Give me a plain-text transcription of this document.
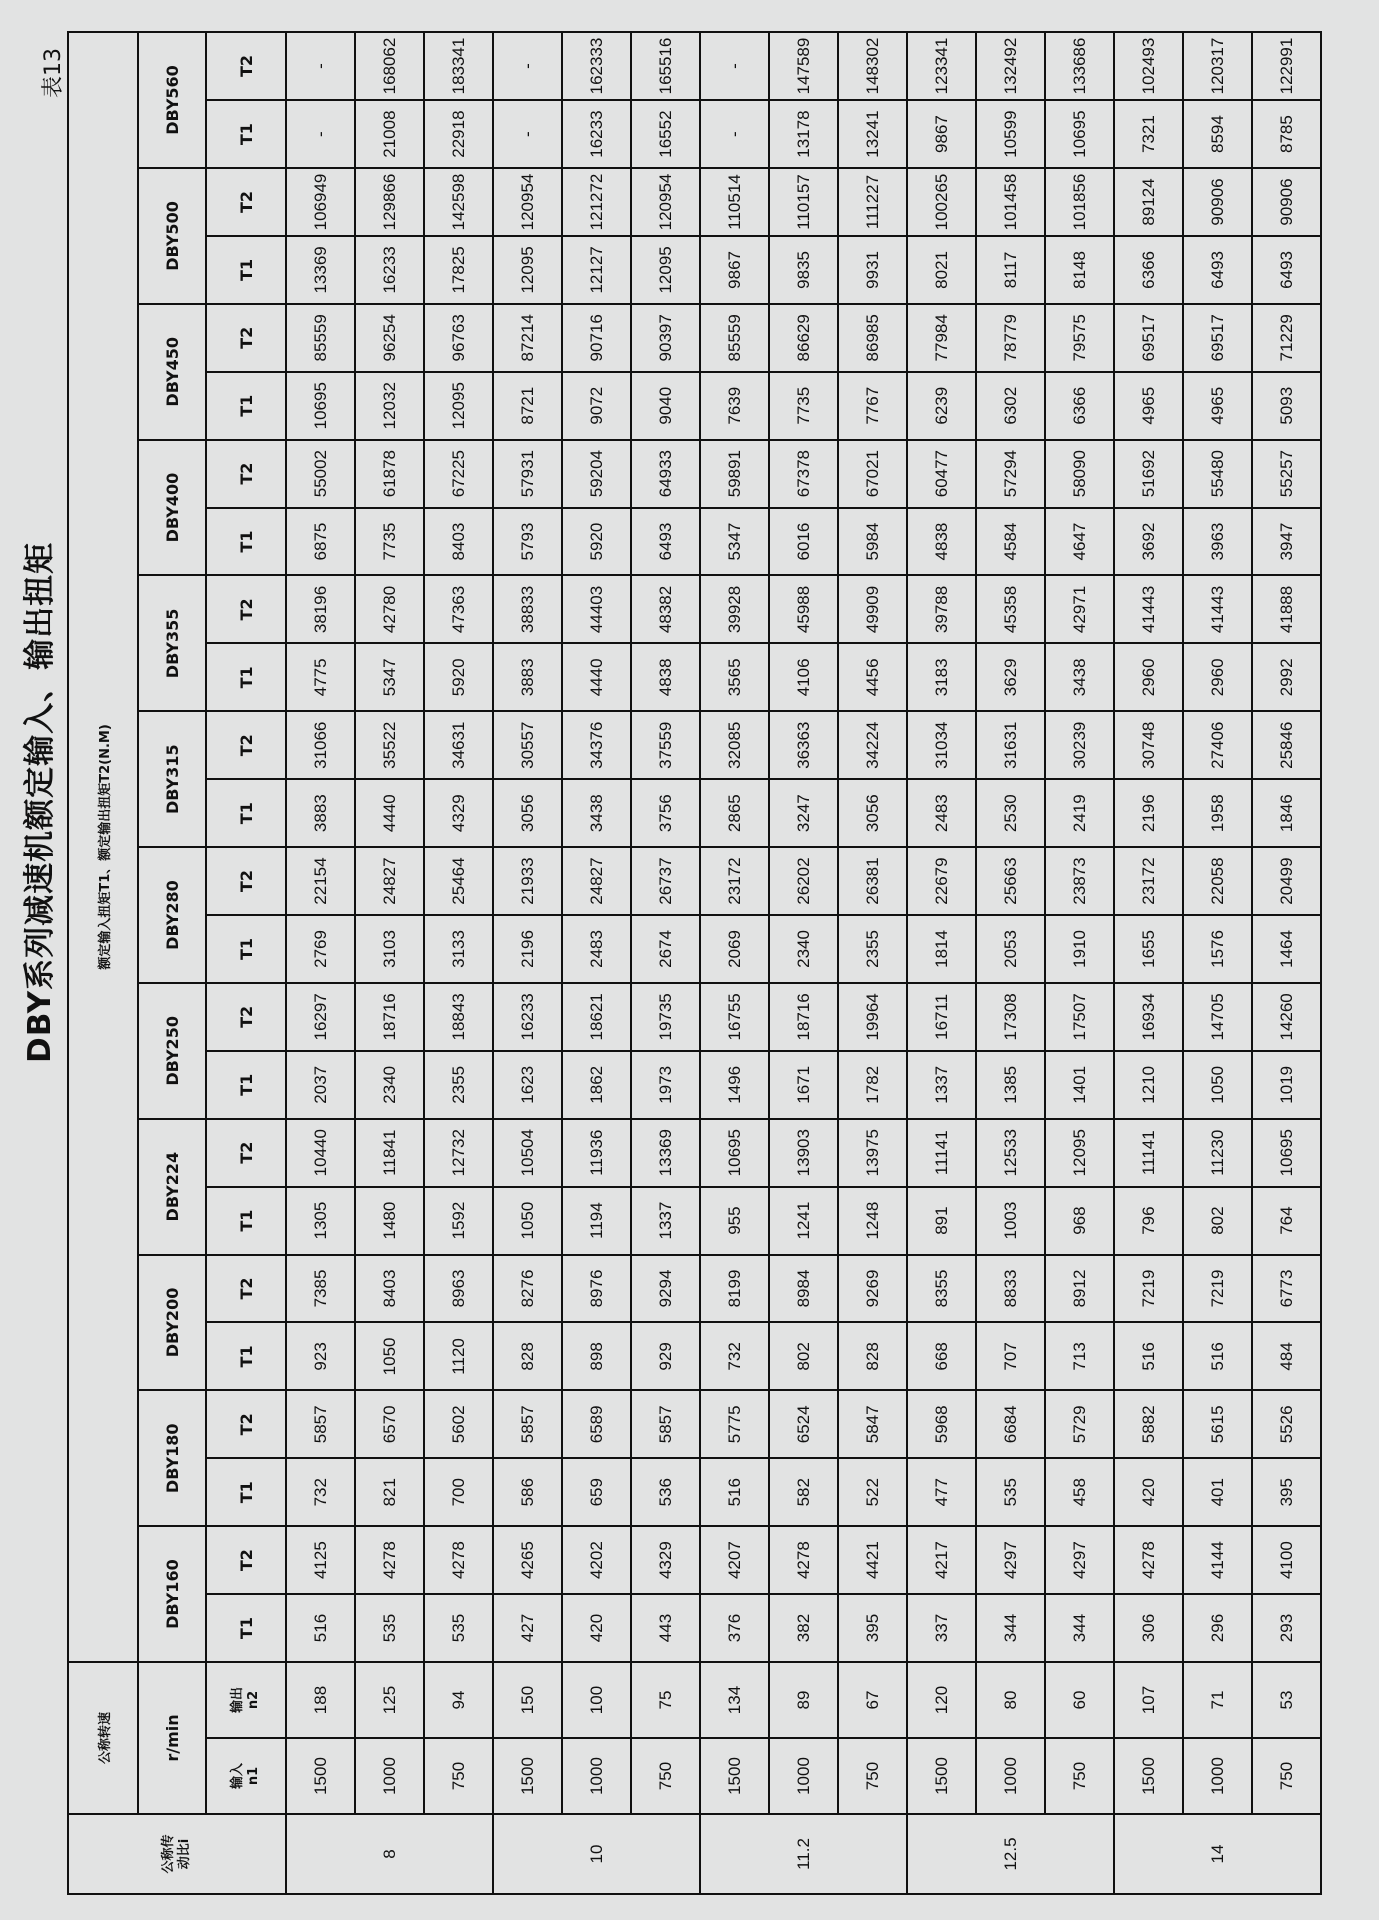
DBY系列减速机额定输入、输出扭矩
表13
公称传
动比i	公称转速		额定输入扭矩T1、额定输出扭矩T2(N.M)																							
	r/min		DBY160		DBY180		DBY200		DBY224		DBY250		DBY280		DBY315		DBY355		DBY400		DBY450		DBY500		DBY560	
	输入
n1	输出
n2	T1	T2	T1	T2	T1	T2	T1	T2	T1	T2	T1	T2	T1	T2	T1	T2	T1	T2	T1	T2	T1	T2	T1	T2
8	1500	188	516	4125	732	5857	923	7385	1305	10440	2037	16297	2769	22154	3883	31066	4775	38196	6875	55002	10695	85559	13369	106949	-	-
	1000	125	535	4278	821	6570	1050	8403	1480	11841	2340	18716	3103	24827	4440	35522	5347	42780	7735	61878	12032	96254	16233	129866	21008	168062
	750	94	535	4278	700	5602	1120	8963	1592	12732	2355	18843	3133	25464	4329	34631	5920	47363	8403	67225	12095	96763	17825	142598	22918	183341
10	1500	150	427	4265	586	5857	828	8276	1050	10504	1623	16233	2196	21933	3056	30557	3883	38833	5793	57931	8721	87214	12095	120954	-	-
	1000	100	420	4202	659	6589	898	8976	1194	11936	1862	18621	2483	24827	3438	34376	4440	44403	5920	59204	9072	90716	12127	121272	16233	162333
	750	75	443	4329	536	5857	929	9294	1337	13369	1973	19735	2674	26737	3756	37559	4838	48382	6493	64933	9040	90397	12095	120954	16552	165516
11.2	1500	134	376	4207	516	5775	732	8199	955	10695	1496	16755	2069	23172	2865	32085	3565	39928	5347	59891	7639	85559	9867	110514	-	-
	1000	89	382	4278	582	6524	802	8984	1241	13903	1671	18716	2340	26202	3247	36363	4106	45988	6016	67378	7735	86629	9835	110157	13178	147589
	750	67	395	4421	522	5847	828	9269	1248	13975	1782	19964	2355	26381	3056	34224	4456	49909	5984	67021	7767	86985	9931	111227	13241	148302
12.5	1500	120	337	4217	477	5968	668	8355	891	11141	1337	16711	1814	22679	2483	31034	3183	39788	4838	60477	6239	77984	8021	100265	9867	123341
	1000	80	344	4297	535	6684	707	8833	1003	12533	1385	17308	2053	25663	2530	31631	3629	45358	4584	57294	6302	78779	8117	101458	10599	132492
	750	60	344	4297	458	5729	713	8912	968	12095	1401	17507	1910	23873	2419	30239	3438	42971	4647	58090	6366	79575	8148	101856	10695	133686
14	1500	107	306	4278	420	5882	516	7219	796	11141	1210	16934	1655	23172	2196	30748	2960	41443	3692	51692	4965	69517	6366	89124	7321	102493
	1000	71	296	4144	401	5615	516	7219	802	11230	1050	14705	1576	22058	1958	27406	2960	41443	3963	55480	4965	69517	6493	90906	8594	120317
	750	53	293	4100	395	5526	484	6773	764	10695	1019	14260	1464	20499	1846	25846	2992	41888	3947	55257	5093	71229	6493	90906	8785	122991
